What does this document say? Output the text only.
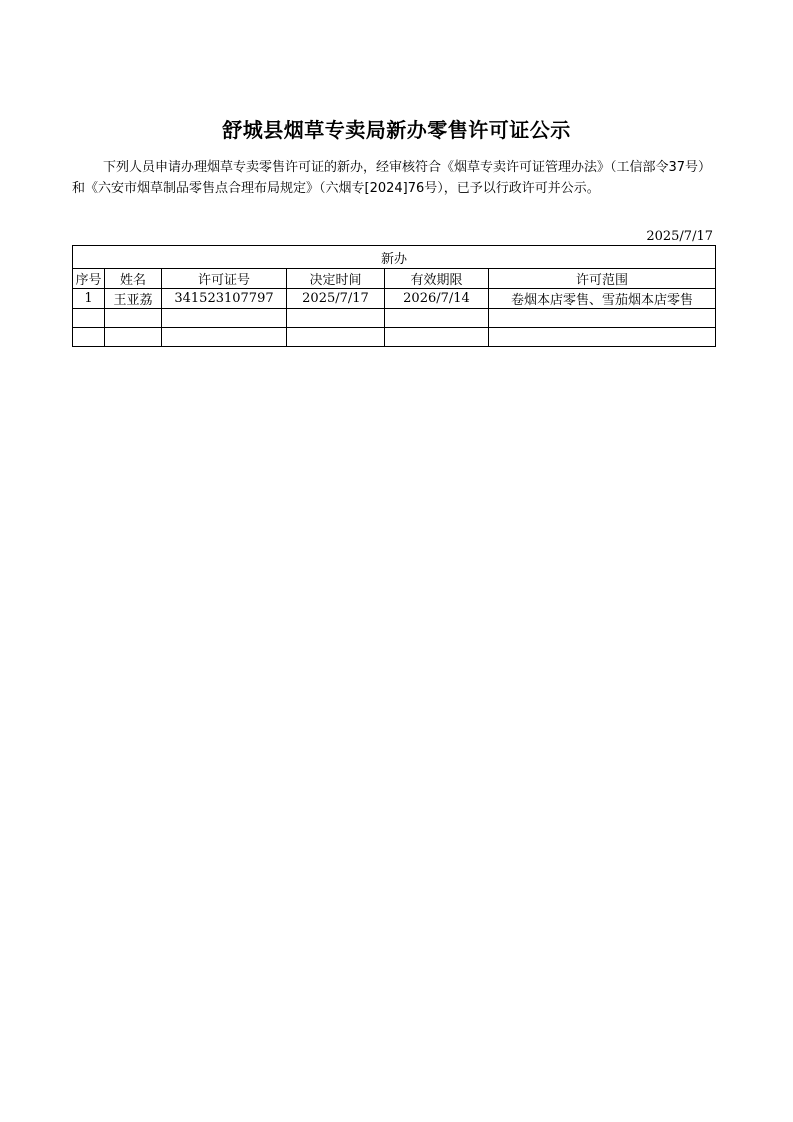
舒城县烟草专卖局新办零售许可证公示
下列人员申请办理烟草专卖零售许可证的新办，经审核符合《烟草专卖许可证管理办法》（工信部令37号）和《六安市烟草制品零售点合理布局规定》（六烟专[2024]76号），已予以行政许可并公示。
2025/7/17
新办					
序号	姓名	许可证号	决定时间	有效期限	许可范围
1	王亚荔	341523107797	2025/7/17	2026/7/14	卷烟本店零售、雪茄烟本店零售
